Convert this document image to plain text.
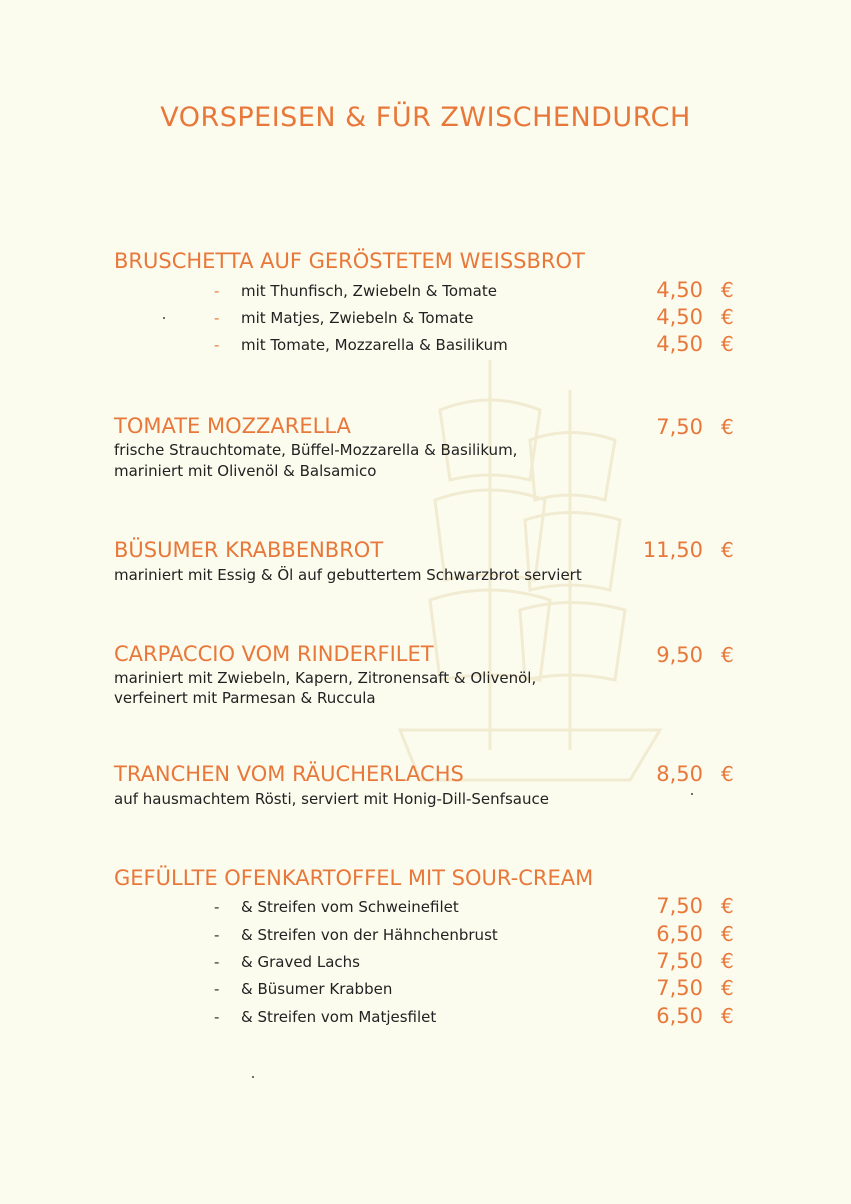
VORSPEISEN & FÜR ZWISCHENDURCH
BRUSCHETTA AUF GERÖSTETEM WEISSBROT
- mit Thunfisch, Zwiebeln & Tomate	4,50 €
- mit Matjes, Zwiebeln & Tomate	4,50 €
- mit Tomate, Mozzarella & Basilikum	4,50 €
TOMATE MOZZARELLA	7,50 €
frische Strauchtomate, Büffel-Mozzarella & Basilikum,
mariniert mit Olivenöl & Balsamico
BÜSUMER KRABBENBROT	11,50 €
mariniert mit Essig & Öl auf gebuttertem Schwarzbrot serviert
CARPACCIO VOM RINDERFILET	9,50 €
mariniert mit Zwiebeln, Kapern, Zitronensaft & Olivenöl,
verfeinert mit Parmesan & Ruccula
TRANCHEN VOM RÄUCHERLACHS	8,50 €
auf hausmachtem Rösti, serviert mit Honig-Dill-Senfsauce
GEFÜLLTE OFENKARTOFFEL MIT SOUR-CREAM
- & Streifen vom Schweinefilet	7,50 €
- & Streifen von der Hähnchenbrust	6,50 €
- & Graved Lachs	7,50 €
- & Büsumer Krabben	7,50 €
- & Streifen vom Matjesfilet	6,50 €
